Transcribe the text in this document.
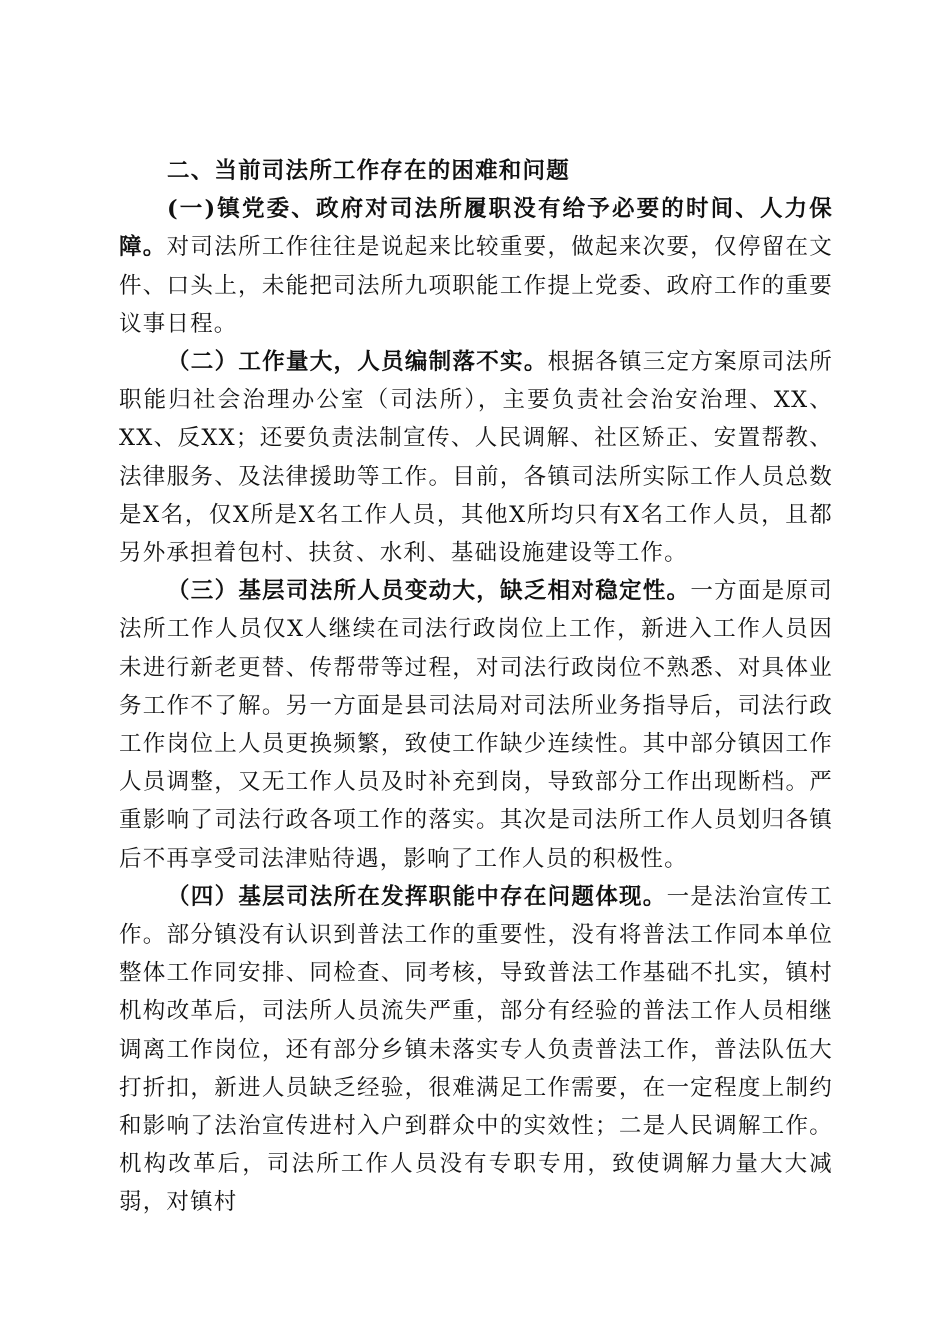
二、当前司法所工作存在的困难和问题

(一)镇党委、政府对司法所履职没有给予必要的时间、人力保障。对司法所工作往往是说起来比较重要，做起来次要，仅停留在文件、口头上，未能把司法所九项职能工作提上党委、政府工作的重要议事日程。

（二）工作量大，人员编制落不实。根据各镇三定方案原司法所职能归社会治理办公室（司法所），主要负责社会治安治理、XX、XX、反XX；还要负责法制宣传、人民调解、社区矫正、安置帮教、法律服务、及法律援助等工作。目前，各镇司法所实际工作人员总数是X名，仅X所是X名工作人员，其他X所均只有X名工作人员，且都另外承担着包村、扶贫、水利、基础设施建设等工作。

（三）基层司法所人员变动大，缺乏相对稳定性。一方面是原司法所工作人员仅X人继续在司法行政岗位上工作，新进入工作人员因未进行新老更替、传帮带等过程，对司法行政岗位不熟悉、对具体业务工作不了解。另一方面是县司法局对司法所业务指导后，司法行政工作岗位上人员更换频繁，致使工作缺少连续性。其中部分镇因工作人员调整，又无工作人员及时补充到岗，导致部分工作出现断档。严重影响了司法行政各项工作的落实。其次是司法所工作人员划归各镇后不再享受司法津贴待遇，影响了工作人员的积极性。

（四）基层司法所在发挥职能中存在问题体现。一是法治宣传工作。部分镇没有认识到普法工作的重要性，没有将普法工作同本单位整体工作同安排、同检查、同考核，导致普法工作基础不扎实，镇村机构改革后，司法所人员流失严重，部分有经验的普法工作人员相继调离工作岗位，还有部分乡镇未落实专人负责普法工作，普法队伍大打折扣，新进人员缺乏经验，很难满足工作需要，在一定程度上制约和影响了法治宣传进村入户到群众中的实效性；二是人民调解工作。机构改革后，司法所工作人员没有专职专用，致使调解力量大大减弱，对镇村
